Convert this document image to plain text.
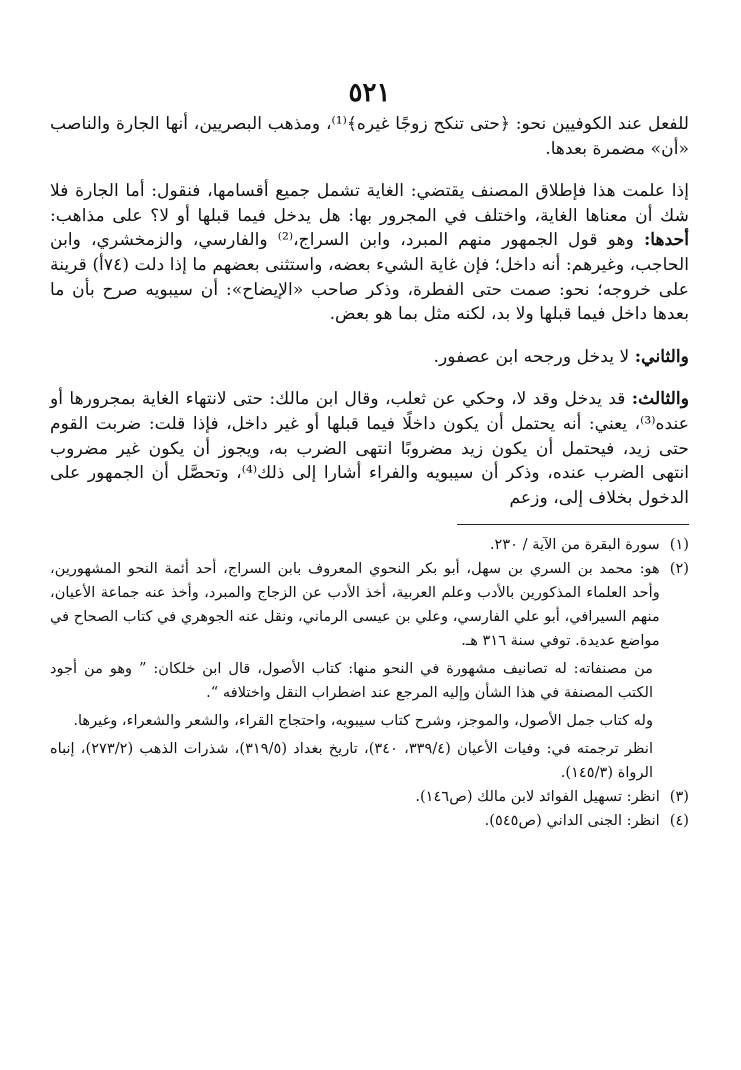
٥٢١

للفعل عند الكوفيين نحو: ﴿حتى تنكح زوجًا غيره﴾⁽¹⁾، ومذهب البصريين، أنها الجارة والناصب «أن» مضمرة بعدها.

إذا علمت هذا فإطلاق المصنف يقتضي: الغاية تشمل جميع أقسامها، فنقول: أما الجارة فلا شك أن معناها الغاية، واختلف في المجرور بها: هل يدخل فيما قبلها أو لا؟ على مذاهب: أحدها: وهو قول الجمهور منهم المبرد، وابن السراج،⁽²⁾ والفارسي، والزمخشري، وابن الحاجب، وغيرهم: أنه داخل؛ فإن غاية الشيء بعضه، واستثنى بعضهم ما إذا دلت (٧٤أ) قرينة على خروجه؛ نحو: صمت حتى الفطرة، وذكر صاحب «الإيضاح»: أن سيبويه صرح بأن ما بعدها داخل فيما قبلها ولا بد، لكنه مثل بما هو بعض.

والثاني: لا يدخل ورجحه ابن عصفور.

والثالث: قد يدخل وقد لا، وحكي عن ثعلب، وقال ابن مالك: حتى لانتهاء الغاية بمجرورها أو عنده⁽³⁾، يعني: أنه يحتمل أن يكون داخلًا فيما قبلها أو غير داخل، فإذا قلت: ضربت القوم حتى زيد، فيحتمل أن يكون زيد مضروبًا انتهى الضرب به، ويجوز أن يكون غير مضروب انتهى الضرب عنده، وذكر أن سيبويه والفراء أشارا إلى ذلك⁽⁴⁾، وتحصَّل أن الجمهور على الدخول بخلاف إلى، وزعم

(١)
سورة البقرة من الآية / ٢٣٠.
(٢)
هو: محمد بن السري بن سهل، أبو بكر النحوي المعروف بابن السراج، أحد أئمة النحو المشهورين، وأحد العلماء المذكورين بالأدب وعلم العربية، أخذ الأدب عن الزجاج والمبرد، وأخذ عنه جماعة الأعيان، منهم السيرافي، أبو علي الفارسي، وعلي بن عيسى الرماني، ونقل عنه الجوهري في كتاب الصحاح في مواضع عديدة. توفي سنة ٣١٦ هـ.
من مصنفاته: له تصانيف مشهورة في النحو منها: كتاب الأصول، قال ابن خلكان: ” وهو من أجود الكتب المصنفة في هذا الشأن وإليه المرجع عند اضطراب النقل واختلافه “.
وله كتاب جمل الأصول، والموجز، وشرح كتاب سيبويه، واحتجاج القراء، والشعر والشعراء، وغيرها.
انظر ترجمته في: وفيات الأعيان (٣٣٩/٤، ٣٤٠)، تاريخ بغداد (٣١٩/٥)، شذرات الذهب (٢٧٣/٢)، إنباه الرواة (١٤٥/٣).
(٣)
انظر: تسهيل الفوائد لابن مالك (ص١٤٦).
(٤)
انظر: الجنى الداني (ص٥٤٥).
